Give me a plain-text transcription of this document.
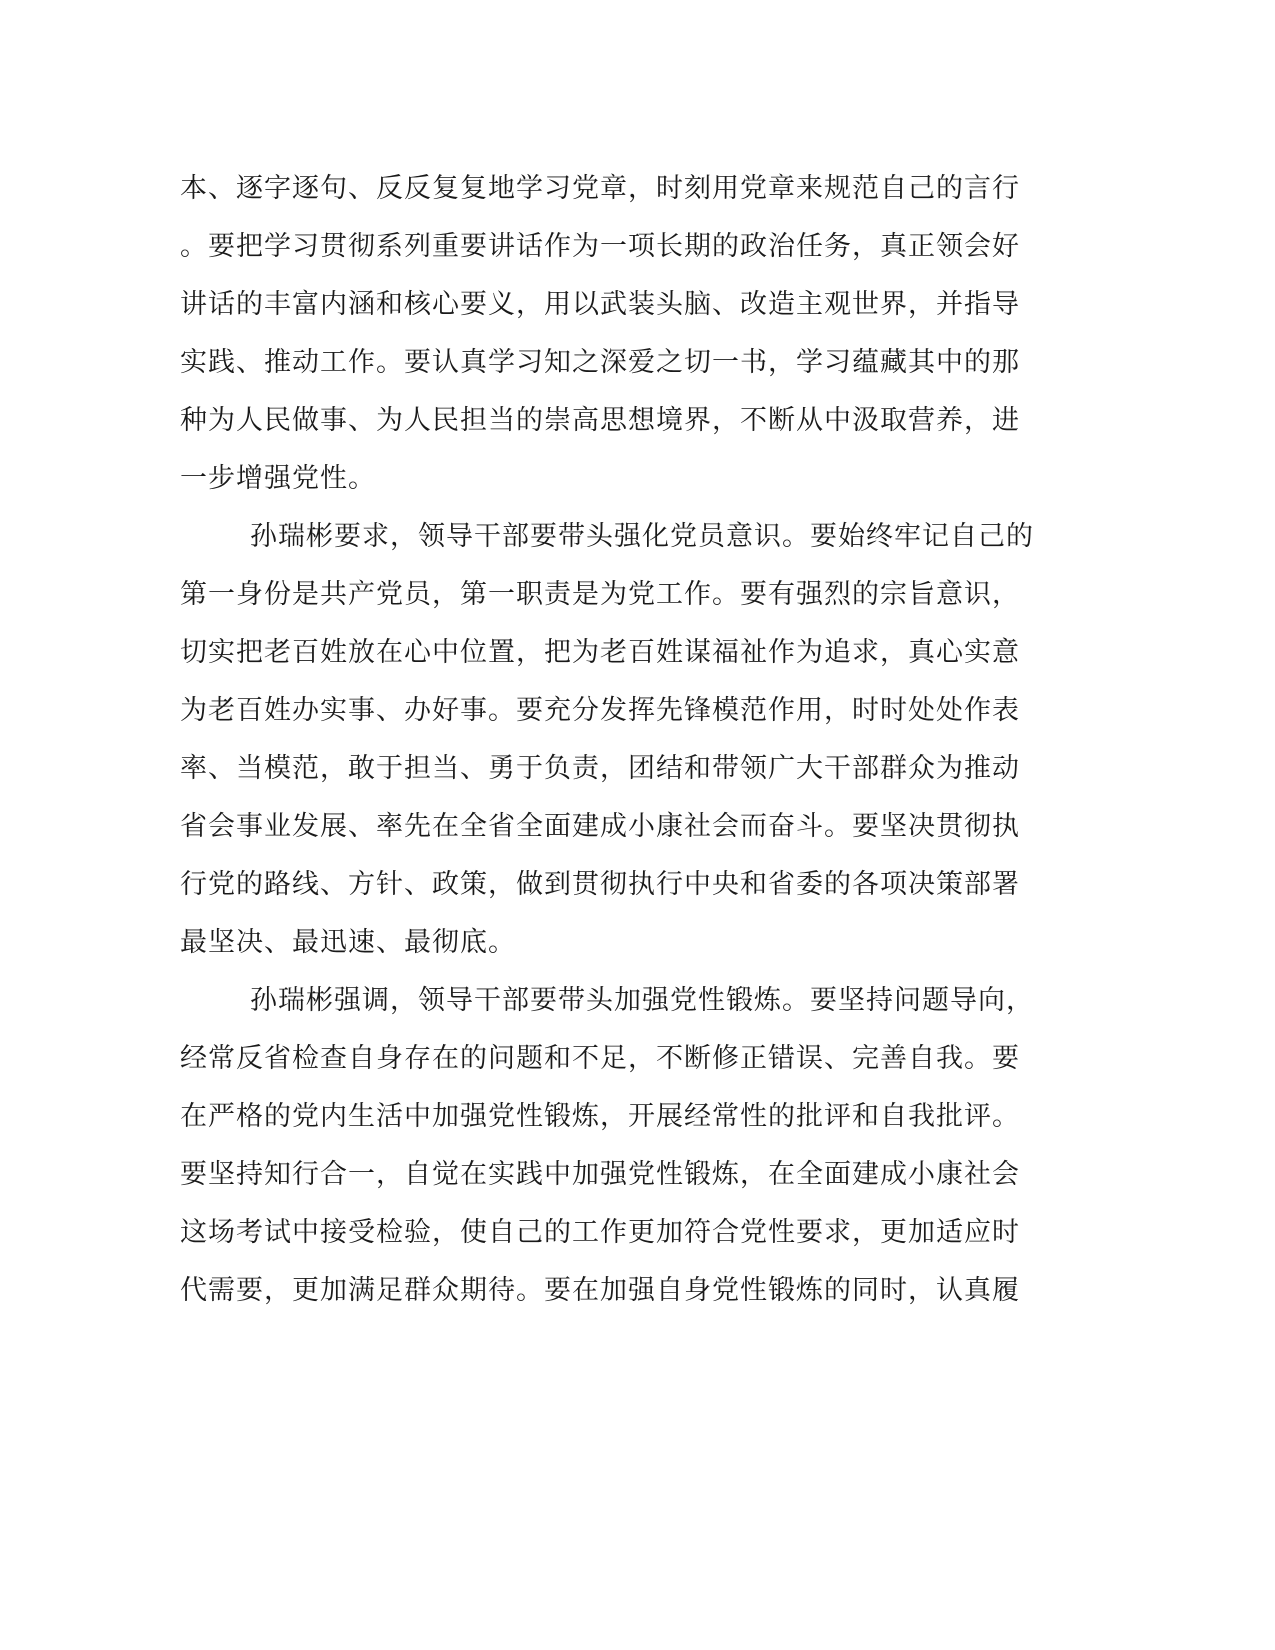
本、逐字逐句、反反复复地学习党章，时刻用党章来规范自己的言行
。要把学习贯彻系列重要讲话作为一项长期的政治任务，真正领会好
讲话的丰富内涵和核心要义，用以武装头脑、改造主观世界，并指导
实践、推动工作。要认真学习知之深爱之切一书，学习蕴藏其中的那
种为人民做事、为人民担当的崇高思想境界，不断从中汲取营养，进
一步增强党性。
孙瑞彬要求，领导干部要带头强化党员意识。要始终牢记自己的
第一身份是共产党员，第一职责是为党工作。要有强烈的宗旨意识，
切实把老百姓放在心中位置，把为老百姓谋福祉作为追求，真心实意
为老百姓办实事、办好事。要充分发挥先锋模范作用，时时处处作表
率、当模范，敢于担当、勇于负责，团结和带领广大干部群众为推动
省会事业发展、率先在全省全面建成小康社会而奋斗。要坚决贯彻执
行党的路线、方针、政策，做到贯彻执行中央和省委的各项决策部署
最坚决、最迅速、最彻底。
孙瑞彬强调，领导干部要带头加强党性锻炼。要坚持问题导向，
经常反省检查自身存在的问题和不足，不断修正错误、完善自我。要
在严格的党内生活中加强党性锻炼，开展经常性的批评和自我批评。
要坚持知行合一，自觉在实践中加强党性锻炼，在全面建成小康社会
这场考试中接受检验，使自己的工作更加符合党性要求，更加适应时
代需要，更加满足群众期待。要在加强自身党性锻炼的同时，认真履
